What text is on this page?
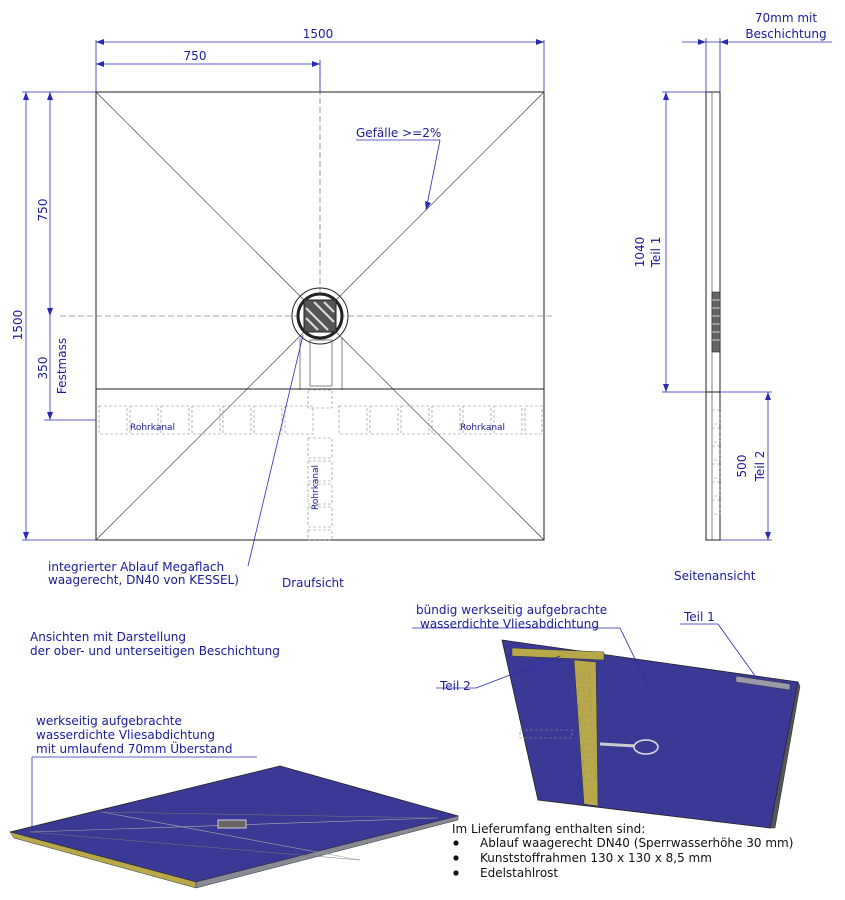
Rohrkanal	Rohrkanal
Rohrkanal
1500
750
1500
750
350 Festmass
Gefälle >=2%
integrierter Ablauf Megaflach
waagerecht, DN40 von KESSEL)	Draufsicht
70mm mit
Beschichtung
1040 Teil 1
500 Teil 2
Seitenansicht
Ansichten mit Darstellung
der ober- und unterseitigen Beschichtung
werkseitig aufgebrachte
wasserdichte Vliesabdichtung
mit umlaufend 70mm Überstand
bündig werkseitig aufgebrachte
wasserdichte Vliesabdichtung	Teil 1
Teil 2
Im Lieferumfang enthalten sind:
Ablauf waagerecht DN40 (Sperrwasserhöhe 30 mm)
Kunststoffrahmen 130 x 130 x 8,5 mm
Edelstahlrost
